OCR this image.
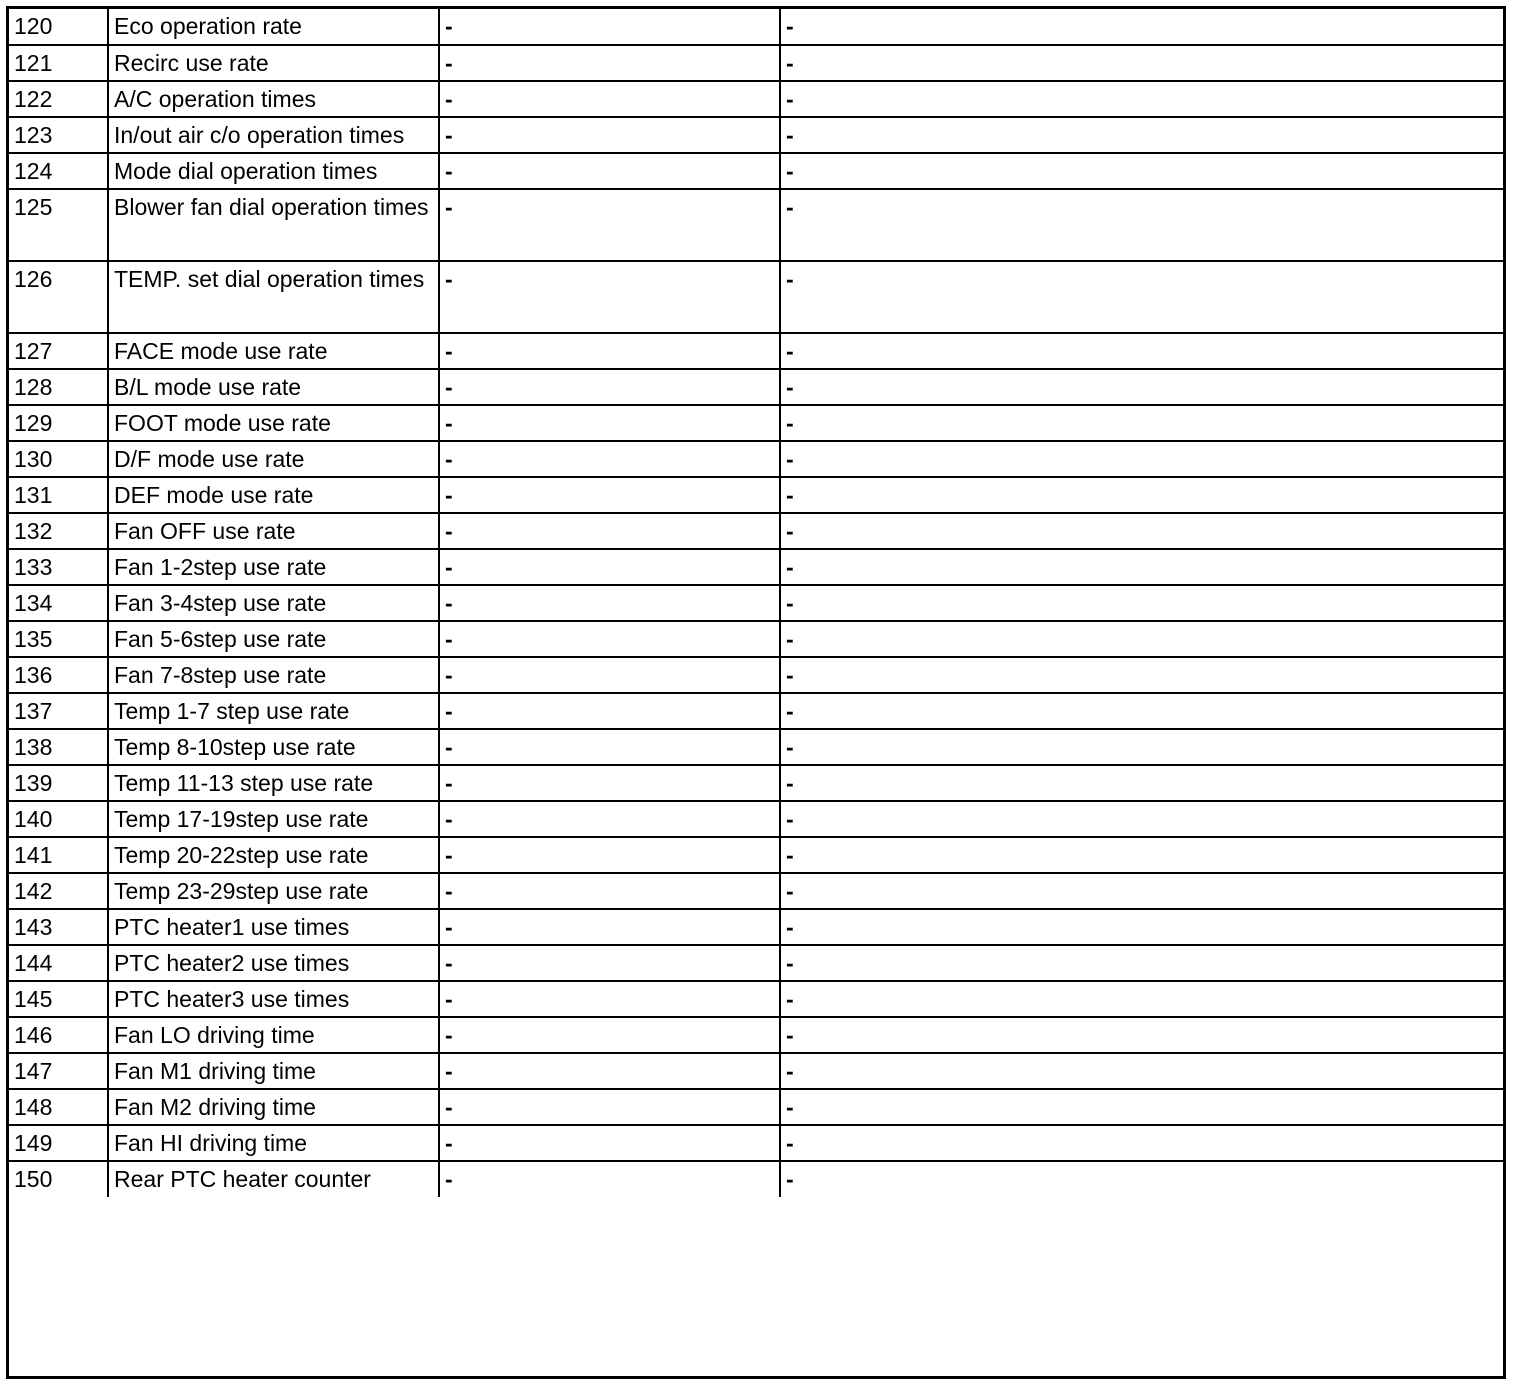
120	Eco operation rate	-	-
121	Recirc use rate	-	-
122	A/C operation times	-	-
123	In/out air c/o operation times	-	-
124	Mode dial operation times	-	-
125	Blower fan dial operation times	-	-
126	TEMP. set dial operation times	-	-
127	FACE mode use rate	-	-
128	B/L mode use rate	-	-
129	FOOT mode use rate	-	-
130	D/F mode use rate	-	-
131	DEF mode use rate	-	-
132	Fan OFF use rate	-	-
133	Fan 1-2step use rate	-	-
134	Fan 3-4step use rate	-	-
135	Fan 5-6step use rate	-	-
136	Fan 7-8step use rate	-	-
137	Temp 1-7 step use rate	-	-
138	Temp 8-10step use rate	-	-
139	Temp 11-13 step use rate	-	-
140	Temp 17-19step use rate	-	-
141	Temp 20-22step use rate	-	-
142	Temp 23-29step use rate	-	-
143	PTC heater1 use times	-	-
144	PTC heater2 use times	-	-
145	PTC heater3 use times	-	-
146	Fan LO driving time	-	-
147	Fan M1 driving time	-	-
148	Fan M2 driving time	-	-
149	Fan HI driving time	-	-
150	Rear PTC heater counter	-	-
